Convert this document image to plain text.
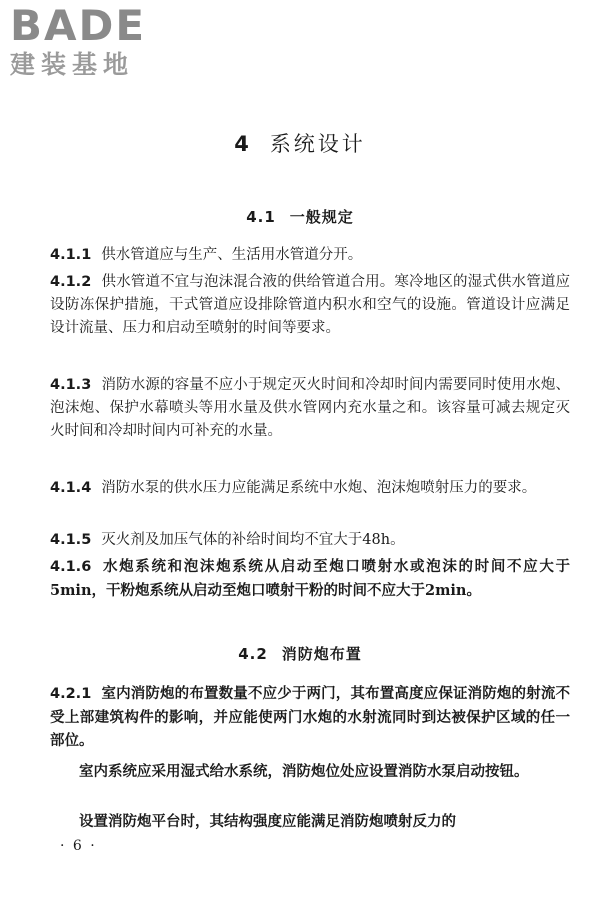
BADE
建装基地
4 系统设计
4.1 一般规定
4.1.1 供水管道应与生产、生活用水管道分开。
4.1.2 供水管道不宜与泡沫混合液的供给管道合用。寒冷地区的湿式供水管道应设防冻保护措施，干式管道应设排除管道内积水和空气的设施。管道设计应满足设计流量、压力和启动至喷射的时间等要求。
4.1.3 消防水源的容量不应小于规定灭火时间和冷却时间内需要同时使用水炮、泡沫炮、保护水幕喷头等用水量及供水管网内充水量之和。该容量可减去规定灭火时间和冷却时间内可补充的水量。
4.1.4 消防水泵的供水压力应能满足系统中水炮、泡沫炮喷射压力的要求。
4.1.5 灭火剂及加压气体的补给时间均不宜大于48h。
4.1.6 水炮系统和泡沫炮系统从启动至炮口喷射水或泡沫的时间不应大于5min，干粉炮系统从启动至炮口喷射干粉的时间不应大于2min。
4.2 消防炮布置
4.2.1 室内消防炮的布置数量不应少于两门，其布置高度应保证消防炮的射流不受上部建筑构件的影响，并应能使两门水炮的水射流同时到达被保护区域的任一部位。
室内系统应采用湿式给水系统，消防炮位处应设置消防水泵启动按钮。
设置消防炮平台时，其结构强度应能满足消防炮喷射反力的
· 6 ·
